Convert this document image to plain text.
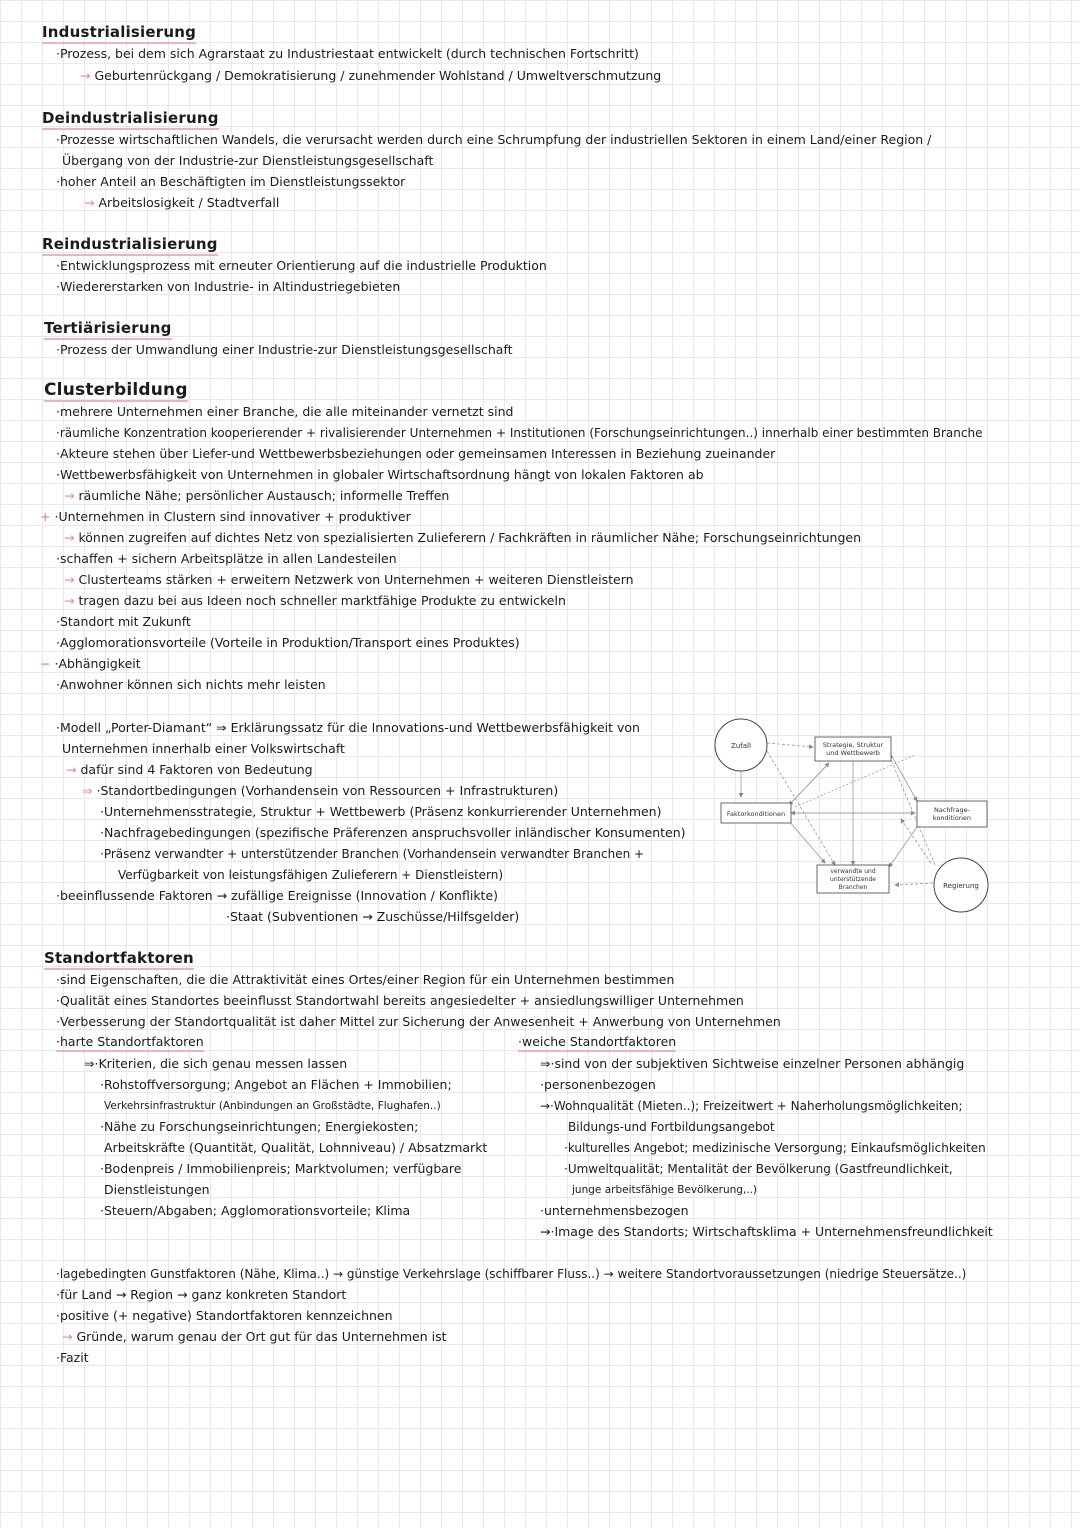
Industrialisierung
·Prozess, bei dem sich Agrarstaat zu Industriestaat entwickelt (durch technischen Fortschritt)
→ Geburtenrückgang / Demokratisierung / zunehmender Wohlstand / Umweltverschmutzung
Deindustrialisierung
·Prozesse wirtschaftlichen Wandels, die verursacht werden durch eine Schrumpfung der industriellen Sektoren in einem Land/einer Region /
Übergang von der Industrie-zur Dienstleistungsgesellschaft
·hoher Anteil an Beschäftigten im Dienstleistungssektor
→ Arbeitslosigkeit / Stadtverfall
Reindustrialisierung
·Entwicklungsprozess mit erneuter Orientierung auf die industrielle Produktion
·Wiedererstarken von Industrie- in Altindustriegebieten
Tertiärisierung
·Prozess der Umwandlung einer Industrie-zur Dienstleistungsgesellschaft
Clusterbildung
·mehrere Unternehmen einer Branche, die alle miteinander vernetzt sind
·räumliche Konzentration kooperierender + rivalisierender Unternehmen + Institutionen (Forschungseinrichtungen..) innerhalb einer bestimmten Branche
·Akteure stehen über Liefer-und Wettbewerbsbeziehungen oder gemeinsamen Interessen in Beziehung zueinander
·Wettbewerbsfähigkeit von Unternehmen in globaler Wirtschaftsordnung hängt von lokalen Faktoren ab
→ räumliche Nähe; persönlicher Austausch; informelle Treffen
+ ·Unternehmen in Clustern sind innovativer + produktiver
→ können zugreifen auf dichtes Netz von spezialisierten Zulieferern / Fachkräften in räumlicher Nähe; Forschungseinrichtungen
·schaffen + sichern Arbeitsplätze in allen Landesteilen
→ Clusterteams stärken + erweitern Netzwerk von Unternehmen + weiteren Dienstleistern
→ tragen dazu bei aus Ideen noch schneller marktfähige Produkte zu entwickeln
·Standort mit Zukunft
·Agglomorationsvorteile (Vorteile in Produktion/Transport eines Produktes)
− ·Abhängigkeit
·Anwohner können sich nichts mehr leisten
·Modell „Porter-Diamant“ ⇒ Erklärungssatz für die Innovations-und Wettbewerbsfähigkeit von
Unternehmen innerhalb einer Volkswirtschaft
→ dafür sind 4 Faktoren von Bedeutung
⇒ ·Standortbedingungen (Vorhandensein von Ressourcen + Infrastrukturen)
·Unternehmensstrategie, Struktur + Wettbewerb (Präsenz konkurrierender Unternehmen)
·Nachfragebedingungen (spezifische Präferenzen anspruchsvoller inländischer Konsumenten)
·Präsenz verwandter + unterstützender Branchen (Vorhandensein verwandter Branchen +
Verfügbarkeit von leistungsfähigen Zulieferern + Dienstleistern)
·beeinflussende Faktoren → zufällige Ereignisse (Innovation / Konflikte)
·Staat (Subventionen → Zuschüsse/Hilfsgelder)
Zufall	Strategie, Struktur
und Wettbewerb
Faktorkonditionen	Nachfrage-
konditionen
verwandte und
unterstützende
Branchen	Regierung
Standortfaktoren
·sind Eigenschaften, die die Attraktivität eines Ortes/einer Region für ein Unternehmen bestimmen
·Qualität eines Standortes beeinflusst Standortwahl bereits angesiedelter + ansiedlungswilliger Unternehmen
·Verbesserung der Standortqualität ist daher Mittel zur Sicherung der Anwesenheit + Anwerbung von Unternehmen
·harte Standortfaktoren
⇒·Kriterien, die sich genau messen lassen
·Rohstoffversorgung; Angebot an Flächen + Immobilien;
Verkehrsinfrastruktur (Anbindungen an Großstädte, Flughafen..)
·Nähe zu Forschungseinrichtungen; Energiekosten;
Arbeitskräfte (Quantität, Qualität, Lohnniveau) / Absatzmarkt
·Bodenpreis / Immobilienpreis; Marktvolumen; verfügbare
Dienstleistungen
·Steuern/Abgaben; Agglomorationsvorteile; Klima
·weiche Standortfaktoren
⇒·sind von der subjektiven Sichtweise einzelner Personen abhängig
·personenbezogen
→·Wohnqualität (Mieten..); Freizeitwert + Naherholungsmöglichkeiten;
Bildungs-und Fortbildungsangebot
·kulturelles Angebot; medizinische Versorgung; Einkaufsmöglichkeiten
·Umweltqualität; Mentalität der Bevölkerung (Gastfreundlichkeit,
junge arbeitsfähige Bevölkerung,..)
·unternehmensbezogen
→·Image des Standorts; Wirtschaftsklima + Unternehmensfreundlichkeit
·lagebedingten Gunstfaktoren (Nähe, Klima..) → günstige Verkehrslage (schiffbarer Fluss..) → weitere Standortvoraussetzungen (niedrige Steuersätze..)
·für Land → Region → ganz konkreten Standort
·positive (+ negative) Standortfaktoren kennzeichnen
→ Gründe, warum genau der Ort gut für das Unternehmen ist
·Fazit
